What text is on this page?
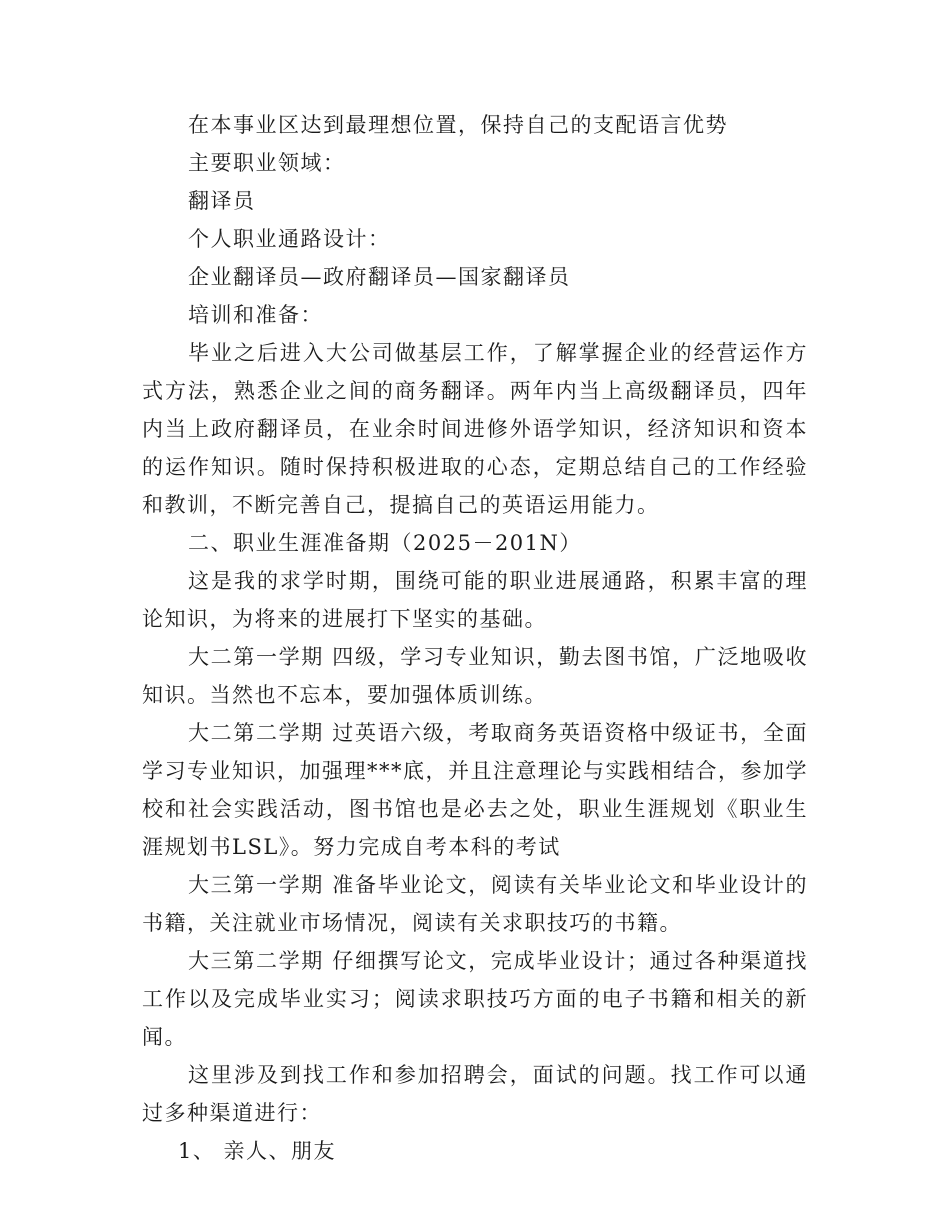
在本事业区达到最理想位置，保持自己的支配语言优势

主要职业领域：

翻译员

个人职业通路设计：

企业翻译员—政府翻译员—国家翻译员

培训和准备：

毕业之后进入大公司做基层工作，了解掌握企业的经营运作方式方法，熟悉企业之间的商务翻译。两年内当上高级翻译员，四年内当上政府翻译员，在业余时间进修外语学知识，经济知识和资本的运作知识。随时保持积极进取的心态，定期总结自己的工作经验和教训，不断完善自己，提搞自己的英语运用能力。

二、职业生涯准备期（2025－201N）

这是我的求学时期，围绕可能的职业进展通路，积累丰富的理论知识，为将来的进展打下坚实的基础。

大二第一学期 四级，学习专业知识，勤去图书馆，广泛地吸收知识。当然也不忘本，要加强体质训练。

大二第二学期 过英语六级，考取商务英语资格中级证书，全面学习专业知识，加强理***底，并且注意理论与实践相结合，参加学校和社会实践活动，图书馆也是必去之处，职业生涯规划《职业生涯规划书LSL》。努力完成自考本科的考试

大三第一学期 准备毕业论文，阅读有关毕业论文和毕业设计的书籍，关注就业市场情况，阅读有关求职技巧的书籍。

大三第二学期 仔细撰写论文，完成毕业设计；通过各种渠道找工作以及完成毕业实习；阅读求职技巧方面的电子书籍和相关的新闻。

这里涉及到找工作和参加招聘会，面试的问题。找工作可以通过多种渠道进行：

1、 亲人、朋友
